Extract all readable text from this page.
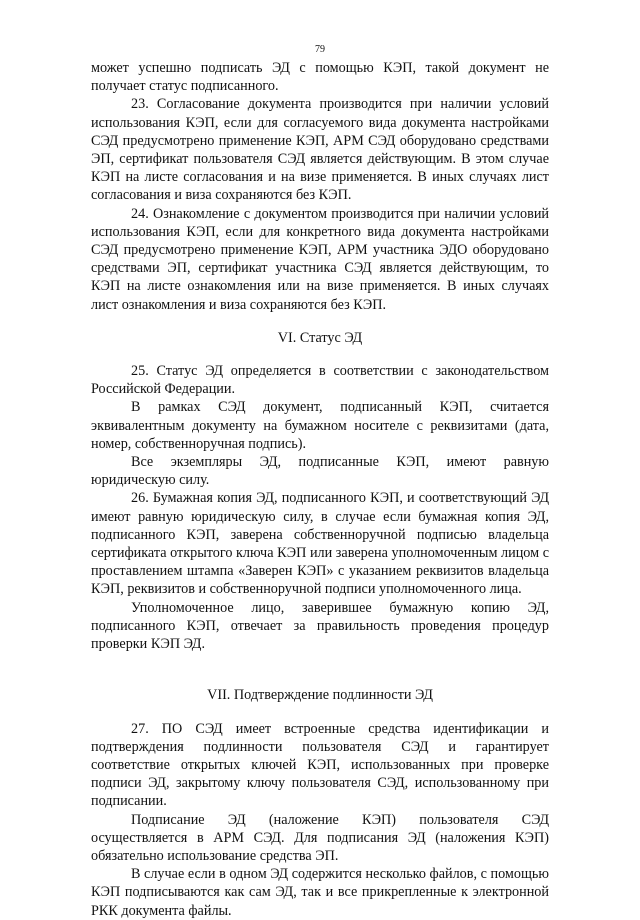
79

может успешно подписать ЭД с помощью КЭП, такой документ не получает статус подписанного.

23. Согласование документа производится при наличии условий использования КЭП, если для согласуемого вида документа настройками СЭД предусмотрено применение КЭП, АРМ СЭД оборудовано средствами ЭП, сертификат пользователя СЭД является действующим. В этом случае КЭП на листе согласования и на визе применяется. В иных случаях лист согласования и виза сохраняются без КЭП.

24. Ознакомление с документом производится при наличии условий использования КЭП, если для конкретного вида документа настройками СЭД предусмотрено применение КЭП, АРМ участника ЭДО оборудовано средствами ЭП, сертификат участника СЭД является действующим, то КЭП на листе ознакомления или на визе применяется. В иных случаях лист ознакомления и виза сохраняются без КЭП.

VI. Статус ЭД

25. Статус ЭД определяется в соответствии с законодательством Российской Федерации.

В рамках СЭД документ, подписанный КЭП, считается эквивалентным документу на бумажном носителе с реквизитами (дата, номер, собственноручная подпись).

Все экземпляры ЭД, подписанные КЭП, имеют равную юридическую силу.

26. Бумажная копия ЭД, подписанного КЭП, и соответствующий ЭД имеют равную юридическую силу, в случае если бумажная копия ЭД, подписанного КЭП, заверена собственноручной подписью владельца сертификата открытого ключа КЭП или заверена уполномоченным лицом с проставлением штампа «Заверен КЭП» с указанием реквизитов владельца КЭП, реквизитов и собственноручной подписи уполномоченного лица.

Уполномоченное лицо, заверившее бумажную копию ЭД, подписанного КЭП, отвечает за правильность проведения процедур проверки КЭП ЭД.

VII. Подтверждение подлинности ЭД

27. ПО СЭД имеет встроенные средства идентификации и подтверждения подлинности пользователя СЭД и гарантирует соответствие открытых ключей КЭП, использованных при проверке подписи ЭД, закрытому ключу пользователя СЭД, использованному при подписании.

Подписание ЭД (наложение КЭП) пользователя СЭД осуществляется в АРМ СЭД. Для подписания ЭД (наложения КЭП) обязательно использование средства ЭП.

В случае если в одном ЭД содержится несколько файлов, с помощью КЭП подписываются как сам ЭД, так и все прикрепленные к электронной РКК документа файлы.
